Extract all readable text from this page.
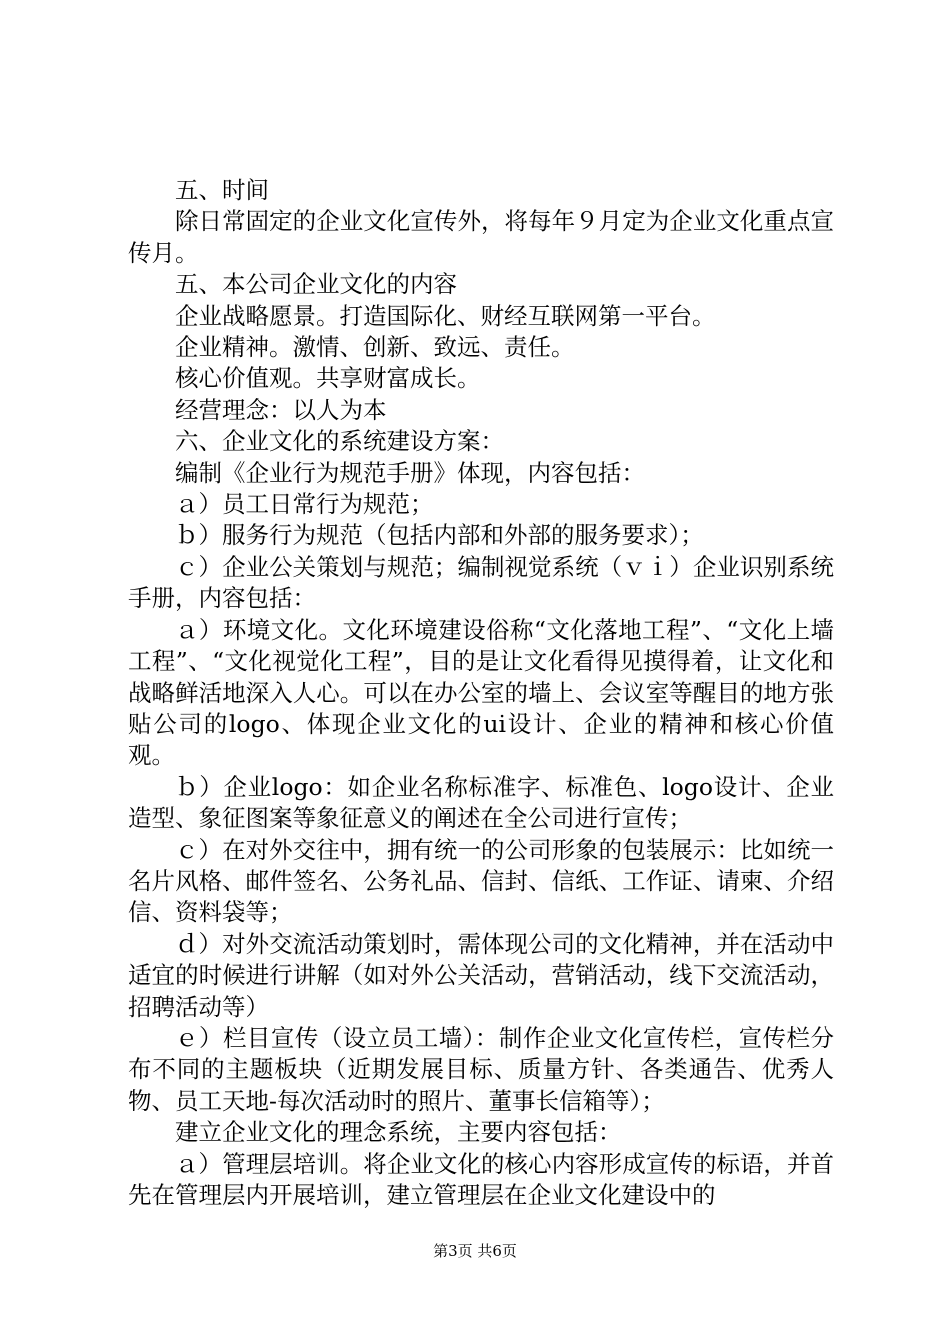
五、时间

除日常固定的企业文化宣传外，将每年９月定为企业文化重点宣传月。

五、本公司企业文化的内容

企业战略愿景。打造国际化、财经互联网第一平台。

企业精神。激情、创新、致远、责任。

核心价值观。共享财富成长。

经营理念：以人为本

六、企业文化的系统建设方案：

编制《企业行为规范手册》体现，内容包括：

ａ）员工日常行为规范；

ｂ）服务行为规范（包括内部和外部的服务要求）；

ｃ）企业公关策划与规范；编制视觉系统（ｖｉ）企业识别系统手册，内容包括：

ａ）环境文化。文化环境建设俗称“文化落地工程”、“文化上墙工程”、“文化视觉化工程”，目的是让文化看得见摸得着，让文化和战略鲜活地深入人心。可以在办公室的墙上、会议室等醒目的地方张贴公司的logo、体现企业文化的ui设计、企业的精神和核心价值观。

ｂ）企业logo：如企业名称标准字、标准色、logo设计、企业造型、象征图案等象征意义的阐述在全公司进行宣传；

ｃ）在对外交往中，拥有统一的公司形象的包装展示：比如统一名片风格、邮件签名、公务礼品、信封、信纸、工作证、请柬、介绍信、资料袋等；

ｄ）对外交流活动策划时，需体现公司的文化精神，并在活动中适宜的时候进行讲解（如对外公关活动，营销活动，线下交流活动，招聘活动等）

ｅ）栏目宣传（设立员工墙）：制作企业文化宣传栏，宣传栏分布不同的主题板块（近期发展目标、质量方针、各类通告、优秀人物、员工天地-每次活动时的照片、董事长信箱等）；

建立企业文化的理念系统，主要内容包括：

ａ）管理层培训。将企业文化的核心内容形成宣传的标语，并首先在管理层内开展培训，建立管理层在企业文化建设中的

第3页 共6页
